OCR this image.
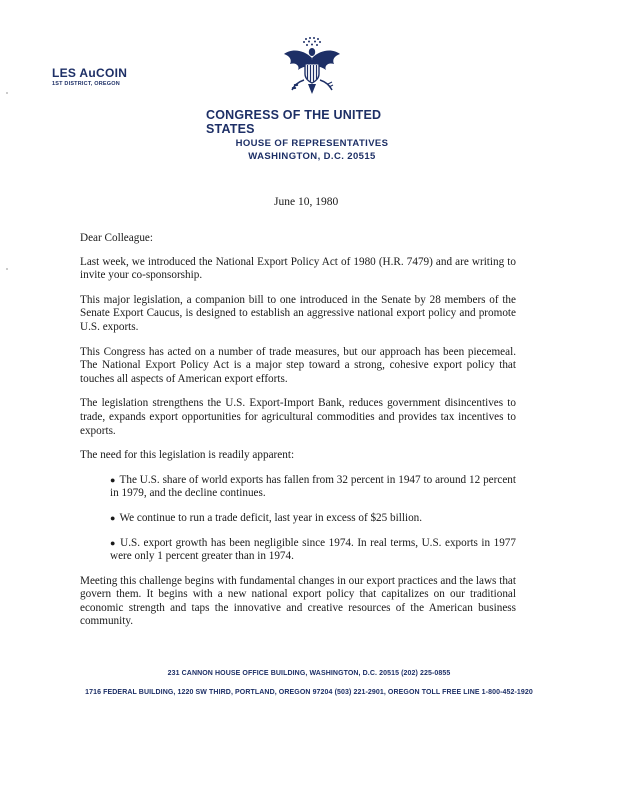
LES AuCOIN
1ST DISTRICT, OREGON
CONGRESS OF THE UNITED STATES
HOUSE OF REPRESENTATIVES
WASHINGTON, D.C. 20515
June 10, 1980

Dear Colleague:

Last week, we introduced the National Export Policy Act of 1980 (H.R. 7479) and are writing to invite your co-sponsorship.

This major legislation, a companion bill to one introduced in the Senate by 28 members of the Senate Export Caucus, is designed to establish an aggressive national export policy and promote U.S. exports.

This Congress has acted on a number of trade measures, but our approach has been piecemeal. The National Export Policy Act is a major step toward a strong, cohesive export policy that touches all aspects of American export efforts.

The legislation strengthens the U.S. Export-Import Bank, reduces government disincentives to trade, expands export opportunities for agricultural commodities and provides tax incentives to exports.

The need for this legislation is readily apparent:

● The U.S. share of world exports has fallen from 32 percent in 1947 to around 12 percent in 1979, and the decline continues.

● We continue to run a trade deficit, last year in excess of $25 billion.

● U.S. export growth has been negligible since 1974. In real terms, U.S. exports in 1977 were only 1 percent greater than in 1974.

Meeting this challenge begins with fundamental changes in our export practices and the laws that govern them. It begins with a new national export policy that capitalizes on our traditional economic strength and taps the innovative and creative resources of the American business community.

231 CANNON HOUSE OFFICE BUILDING, WASHINGTON, D.C. 20515 (202) 225-0855
1716 FEDERAL BUILDING, 1220 SW THIRD, PORTLAND, OREGON 97204 (503) 221-2901, OREGON TOLL FREE LINE 1-800-452-1920
